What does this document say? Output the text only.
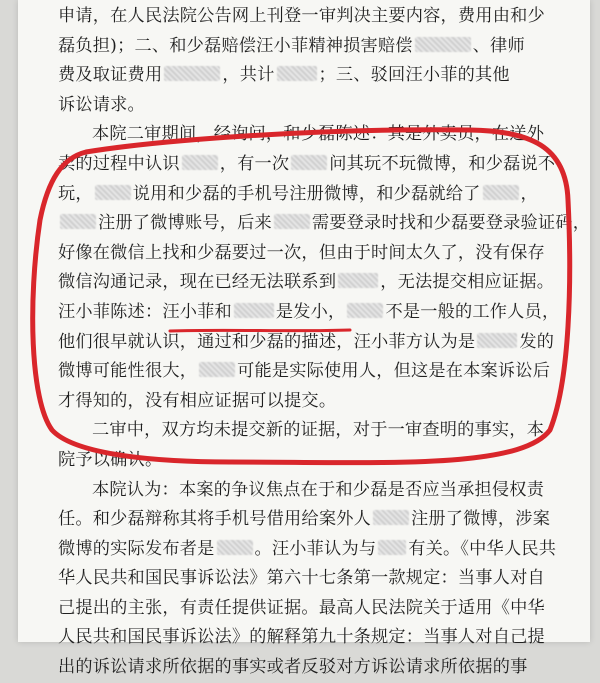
申请，在人民法院公告网上刊登一审判决主要内容，费用由和少
磊负担)；二、和少磊赔偿汪小菲精神损害赔偿	、律师
费及取证费用	，共计	；三、驳回汪小菲的其他
诉讼请求。
本院二审期间，经询问，和少磊陈述：其是外卖员，在送外
卖的过程中认识 ，有一次 问其玩不玩微博，和少磊说不
玩， 说用和少磊的手机号注册微博，和少磊就给了 ，
注册了微博账号，后来 需要登录时找和少磊要登录验证码，
好像在微信上找和少磊要过一次，但由于时间太久了，没有保存
微信沟通记录，现在已经无法联系到	，无法提交相应证据。
汪小菲陈述：汪小菲和	是发小， 不是一般的工作人员，
他们很早就认识，通过和少磊的描述，汪小菲方认为是	发的
微博可能性很大， 可能是实际使用人，但这是在本案诉讼后
才得知的，没有相应证据可以提交。
二审中，双方均未提交新的证据，对于一审查明的事实，本
院予以确认。
本院认为：本案的争议焦点在于和少磊是否应当承担侵权责
任。和少磊辩称其将手机号借用给案外人 注册了微博，涉案
微博的实际发布者是 。汪小菲认为与 有关。《中华人民共
华人民共和国民事诉讼法》第六十七条第一款规定：当事人对自
己提出的主张，有责任提供证据。最高人民法院关于适用《中华
人民共和国民事诉讼法》的解释第九十条规定：当事人对自己提
出的诉讼请求所依据的事实或者反驳对方诉讼请求所依据的事
